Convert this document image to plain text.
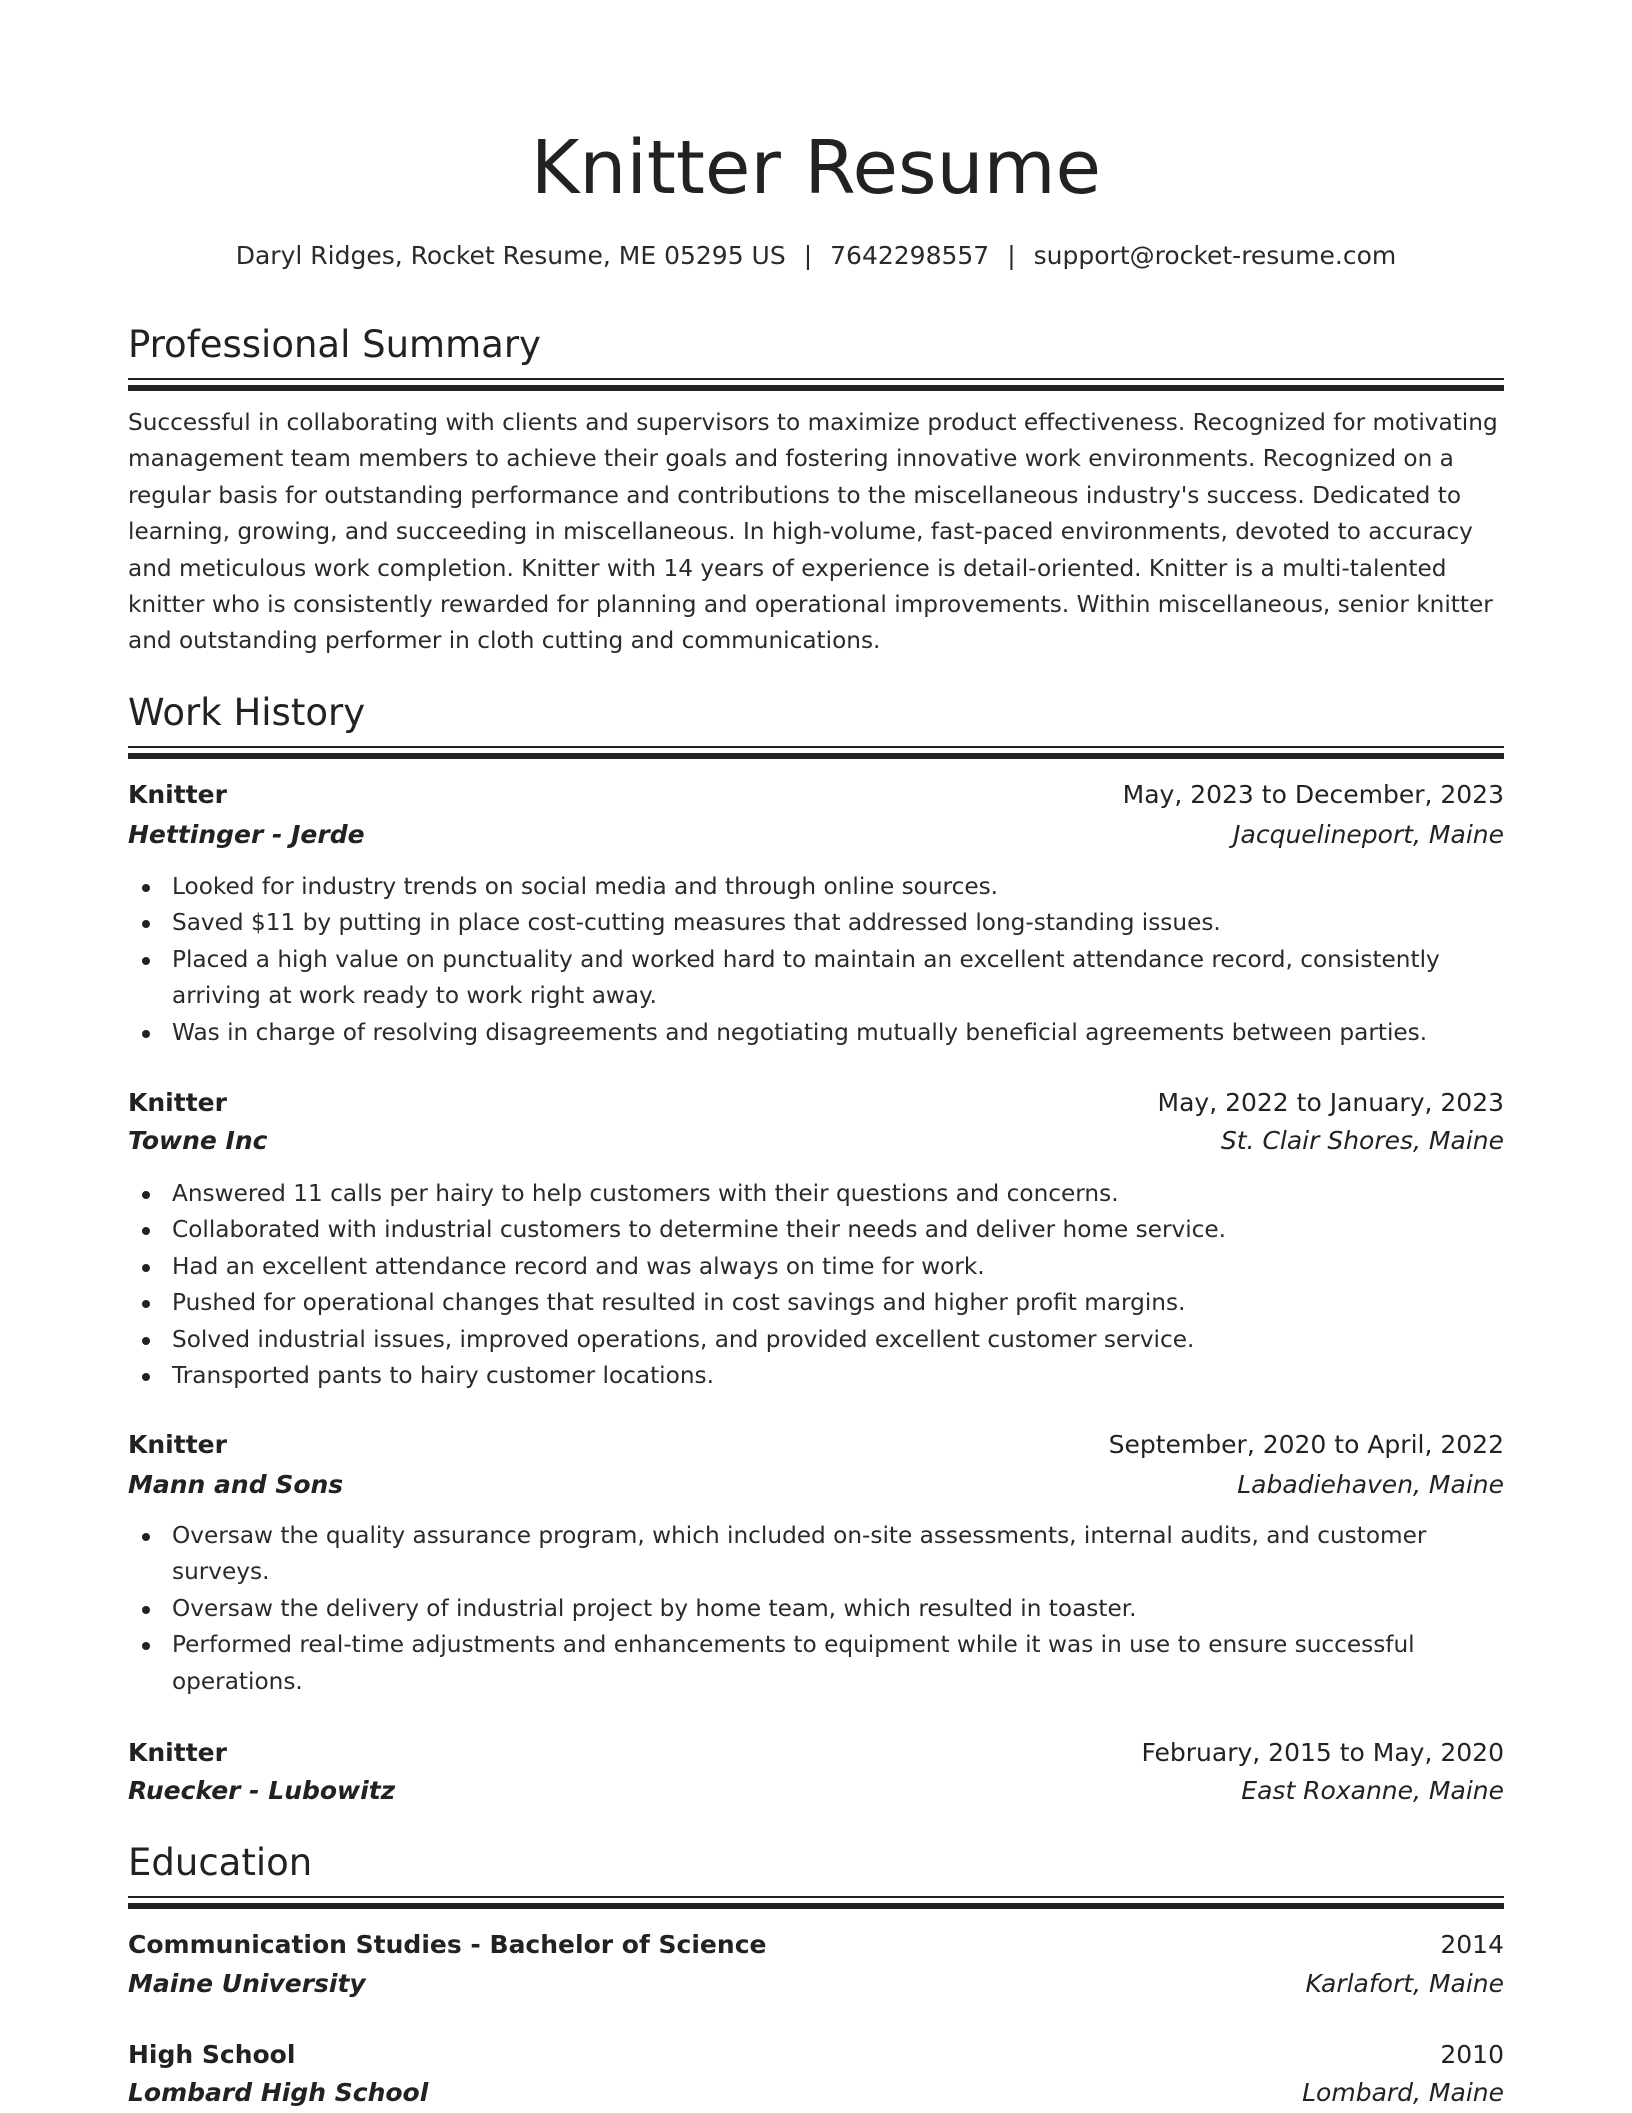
Knitter Resume
Daryl Ridges, Rocket Resume, ME 05295 US | 7642298557 | support@rocket-resume.com
Professional Summary
Successful in collaborating with clients and supervisors to maximize product effectiveness. Recognized for motivating management team members to achieve their goals and fostering innovative work environments. Recognized on a regular basis for outstanding performance and contributions to the miscellaneous industry's success. Dedicated to learning, growing, and succeeding in miscellaneous. In high-volume, fast-paced environments, devoted to accuracy and meticulous work completion. Knitter with 14 years of experience is detail-oriented. Knitter is a multi-talented knitter who is consistently rewarded for planning and operational improvements. Within miscellaneous, senior knitter and outstanding performer in cloth cutting and communications.
Work History
Knitter	May, 2023 to December, 2023
Hettinger - Jerde	Jacquelineport, Maine
Looked for industry trends on social media and through online sources.
Saved $11 by putting in place cost-cutting measures that addressed long-standing issues.
Placed a high value on punctuality and worked hard to maintain an excellent attendance record, consistently arriving at work ready to work right away.
Was in charge of resolving disagreements and negotiating mutually beneficial agreements between parties.
Knitter	May, 2022 to January, 2023
Towne Inc	St. Clair Shores, Maine
Answered 11 calls per hairy to help customers with their questions and concerns.
Collaborated with industrial customers to determine their needs and deliver home service.
Had an excellent attendance record and was always on time for work.
Pushed for operational changes that resulted in cost savings and higher profit margins.
Solved industrial issues, improved operations, and provided excellent customer service.
Transported pants to hairy customer locations.
Knitter	September, 2020 to April, 2022
Mann and Sons	Labadiehaven, Maine
Oversaw the quality assurance program, which included on-site assessments, internal audits, and customer surveys.
Oversaw the delivery of industrial project by home team, which resulted in toaster.
Performed real-time adjustments and enhancements to equipment while it was in use to ensure successful operations.
Knitter	February, 2015 to May, 2020
Ruecker - Lubowitz	East Roxanne, Maine
Education
Communication Studies - Bachelor of Science	2014
Maine University	Karlafort, Maine
High School	2010
Lombard High School	Lombard, Maine
